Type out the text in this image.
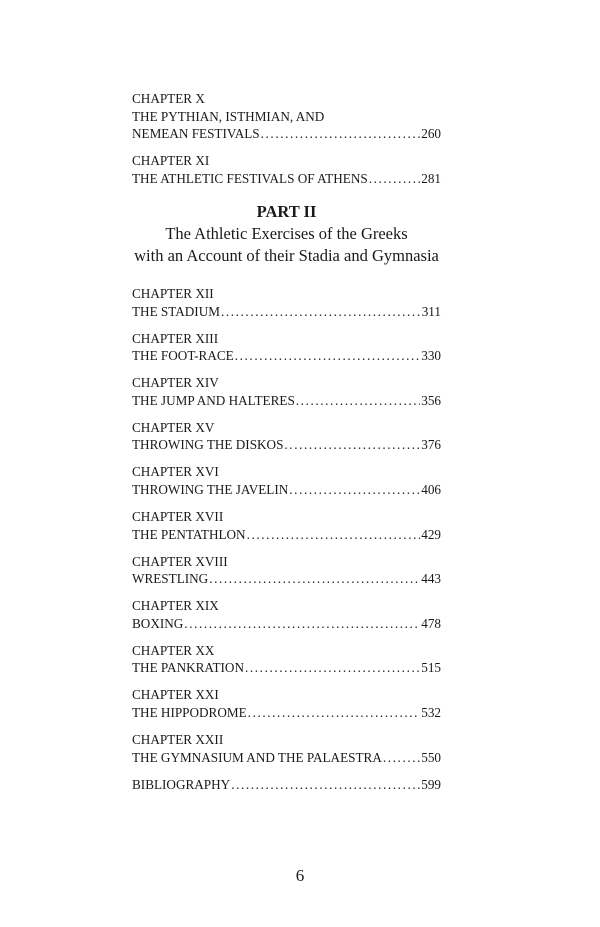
CHAPTER X
THE PYTHIAN, ISTHMIAN, AND
NEMEAN FESTIVALS .....	260
CHAPTER XI
THE ATHLETIC FESTIVALS OF ATHENS .....	281
PART II
The Athletic Exercises of the Greeks
with an Account of their Stadia and Gymnasia
CHAPTER XII
THE STADIUM .....	311
CHAPTER XIII
THE FOOT-RACE .....	330
CHAPTER XIV
THE JUMP AND HALTERES .....	356
CHAPTER XV
THROWING THE DISKOS .....	376
CHAPTER XVI
THROWING THE JAVELIN .....	406
CHAPTER XVII
THE PENTATHLON .....	429
CHAPTER XVIII
WRESTLING .....	443
CHAPTER XIX
BOXING .....	478
CHAPTER XX
THE PANKRATION .....	515
CHAPTER XXI
THE HIPPODROME .....	532
CHAPTER XXII
THE GYMNASIUM AND THE PALAESTRA .....	550
BIBLIOGRAPHY .....	599
6
